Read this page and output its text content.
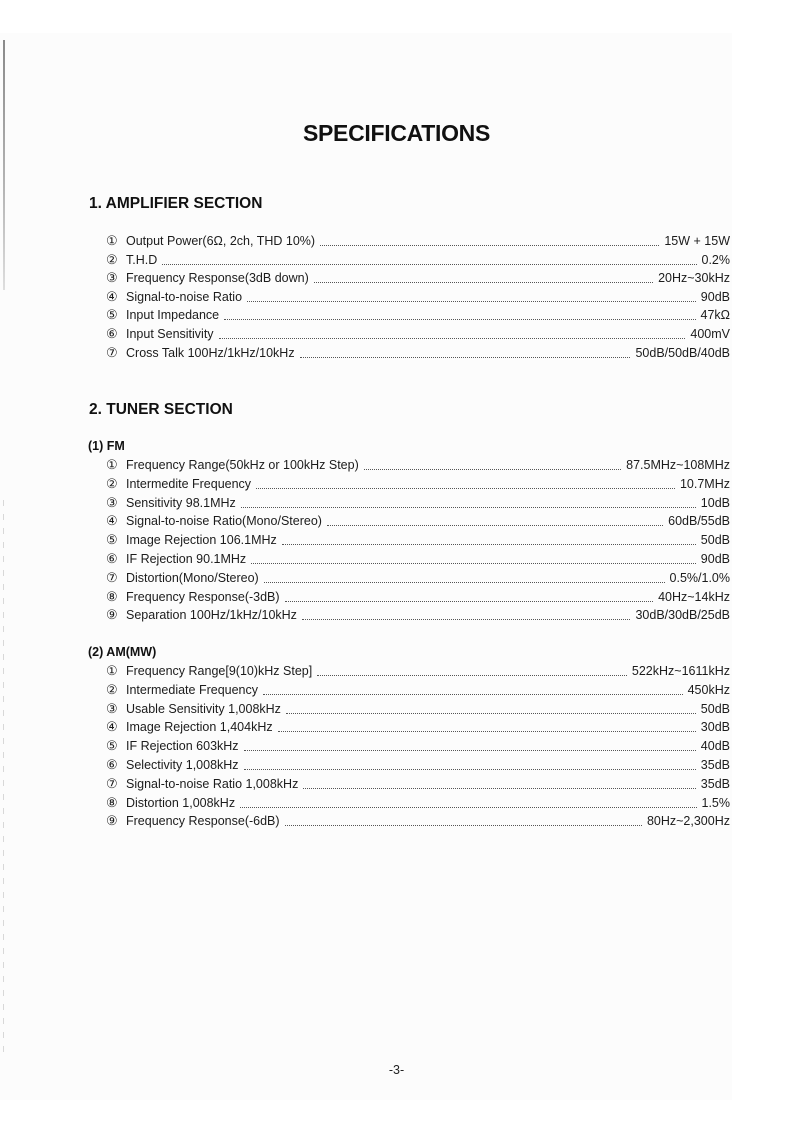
SPECIFICATIONS
1. AMPLIFIER SECTION
① Output Power(6Ω, 2ch, THD 10%)	15W + 15W
② T.H.D	0.2%
③ Frequency Response(3dB down)	20Hz~30kHz
④ Signal-to-noise Ratio	90dB
⑤ Input Impedance	47kΩ
⑥ Input Sensitivity	400mV
⑦ Cross Talk 100Hz/1kHz/10kHz	50dB/50dB/40dB
2. TUNER SECTION
(1) FM
① Frequency Range(50kHz or 100kHz Step)	87.5MHz~108MHz
② Intermedite Frequency	10.7MHz
③ Sensitivity 98.1MHz	10dB
④ Signal-to-noise Ratio(Mono/Stereo)	60dB/55dB
⑤ Image Rejection 106.1MHz	50dB
⑥ IF Rejection 90.1MHz	90dB
⑦ Distortion(Mono/Stereo)	0.5%/1.0%
⑧ Frequency Response(-3dB)	40Hz~14kHz
⑨ Separation 100Hz/1kHz/10kHz	30dB/30dB/25dB
(2) AM(MW)
① Frequency Range[9(10)kHz Step]	522kHz~1611kHz
② Intermediate Frequency	450kHz
③ Usable Sensitivity 1,008kHz	50dB
④ Image Rejection 1,404kHz	30dB
⑤ IF Rejection 603kHz	40dB
⑥ Selectivity 1,008kHz	35dB
⑦ Signal-to-noise Ratio 1,008kHz	35dB
⑧ Distortion 1,008kHz	1.5%
⑨ Frequency Response(-6dB)	80Hz~2,300Hz
-3-
